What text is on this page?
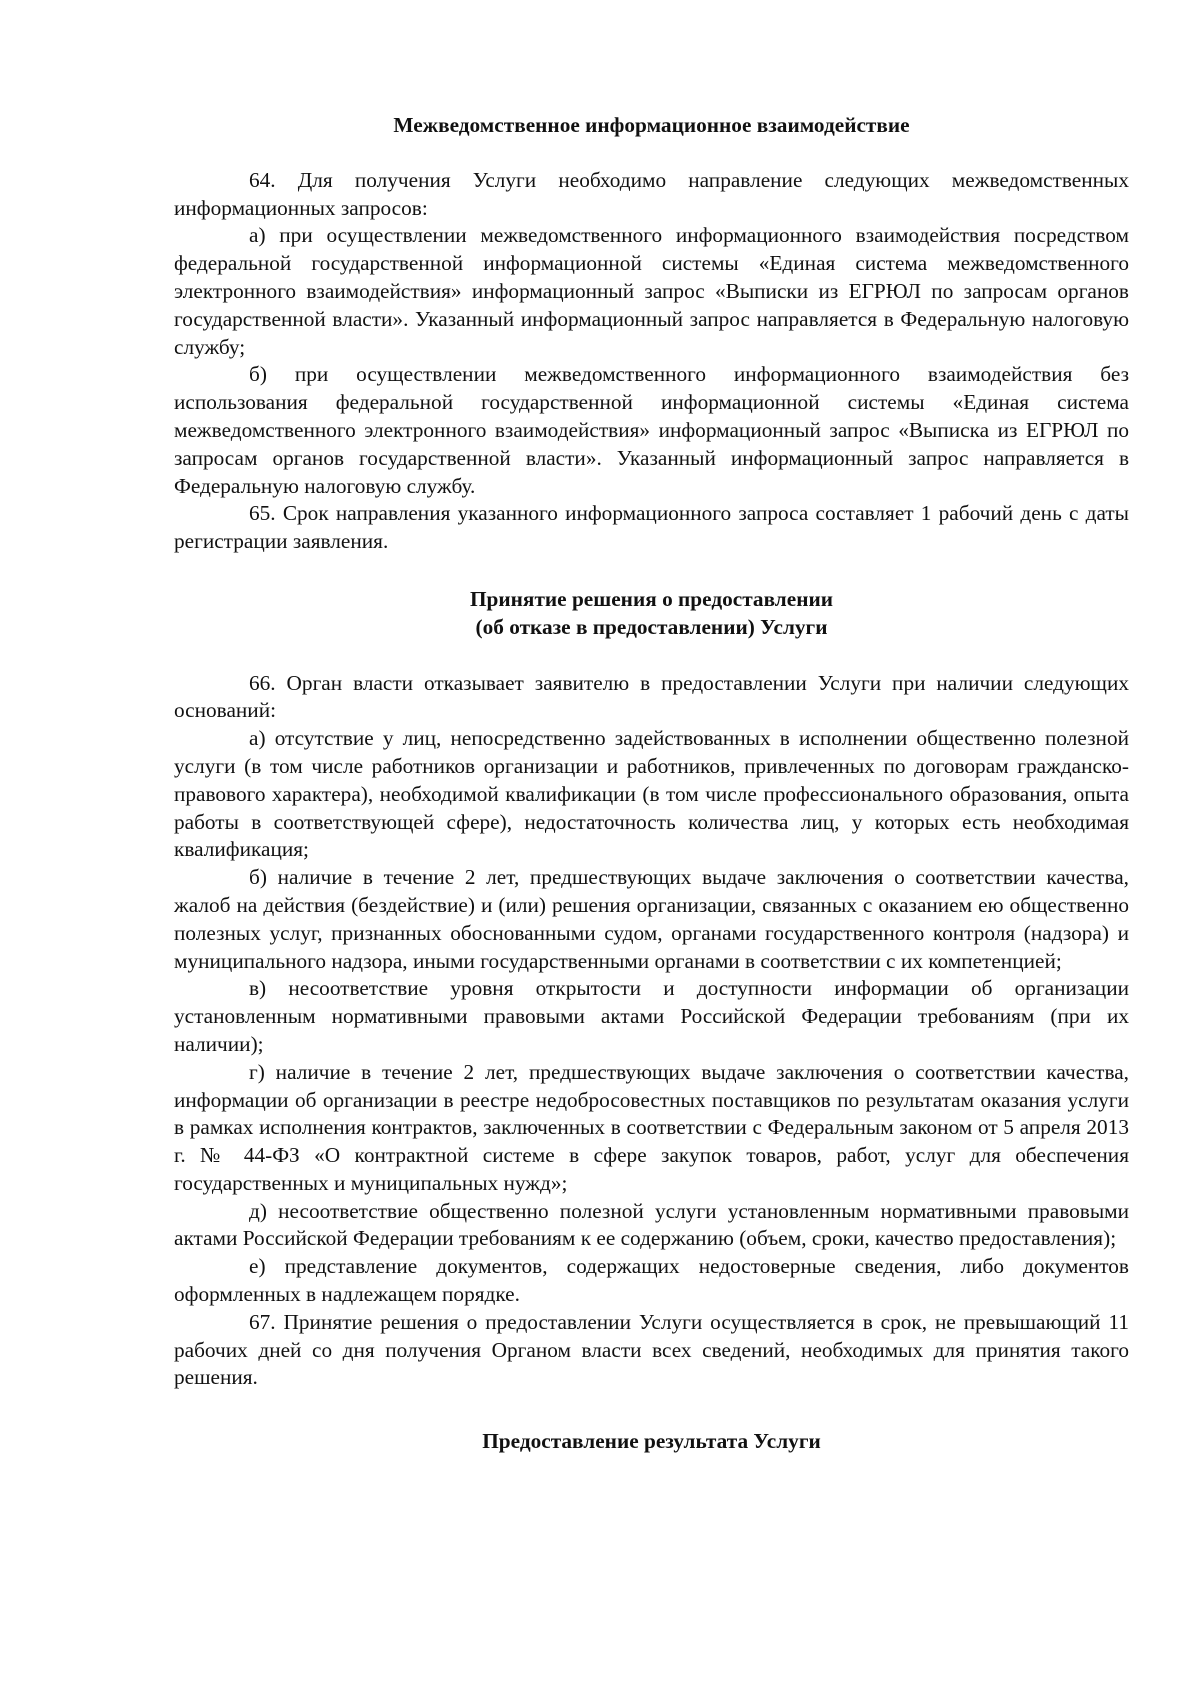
Межведомственное информационное взаимодействие

64. Для получения Услуги необходимо направление следующих межведомственных информационных запросов:

а) при осуществлении межведомственного информационного взаимодействия посредством федеральной государственной информационной системы «Единая система межведомственного электронного взаимодействия» информационный запрос «Выписки из ЕГРЮЛ по запросам органов государственной власти». Указанный информационный запрос направляется в Федеральную налоговую службу;

б) при осуществлении межведомственного информационного взаимодействия без использования федеральной государственной информационной системы «Единая система межведомственного электронного взаимодействия» информационный запрос «Выписка из ЕГРЮЛ по запросам органов государственной власти». Указанный информационный запрос направляется в Федеральную налоговую службу.

65. Срок направления указанного информационного запроса составляет 1 рабочий день с даты регистрации заявления.

Принятие решения о предоставлении
(об отказе в предоставлении) Услуги

66. Орган власти отказывает заявителю в предоставлении Услуги при наличии следующих оснований:

а) отсутствие у лиц, непосредственно задействованных в исполнении общественно полезной услуги (в том числе работников организации и работников, привлеченных по договорам гражданско-правового характера), необходимой квалификации (в том числе профессионального образования, опыта работы в соответствующей сфере), недостаточность количества лиц, у которых есть необходимая квалификация;

б) наличие в течение 2 лет, предшествующих выдаче заключения о соответствии качества, жалоб на действия (бездействие) и (или) решения организации, связанных с оказанием ею общественно полезных услуг, признанных обоснованными судом, органами государственного контроля (надзора) и муниципального надзора, иными государственными органами в соответствии с их компетенцией;

в) несоответствие уровня открытости и доступности информации об организации установленным нормативными правовыми актами Российской Федерации требованиям (при их наличии);

г) наличие в течение 2 лет, предшествующих выдаче заключения о соответствии качества, информации об организации в реестре недобросовестных поставщиков по результатам оказания услуги в рамках исполнения контрактов, заключенных в соответствии с Федеральным законом от 5 апреля 2013 г. № 44-ФЗ «О контрактной системе в сфере закупок товаров, работ, услуг для обеспечения государственных и муниципальных нужд»;

д) несоответствие общественно полезной услуги установленным нормативными правовыми актами Российской Федерации требованиям к ее содержанию (объем, сроки, качество предоставления);

е) представление документов, содержащих недостоверные сведения, либо документов оформленных в надлежащем порядке.

67. Принятие решения о предоставлении Услуги осуществляется в срок, не превышающий 11 рабочих дней со дня получения Органом власти всех сведений, необходимых для принятия такого решения.

Предоставление результата Услуги
